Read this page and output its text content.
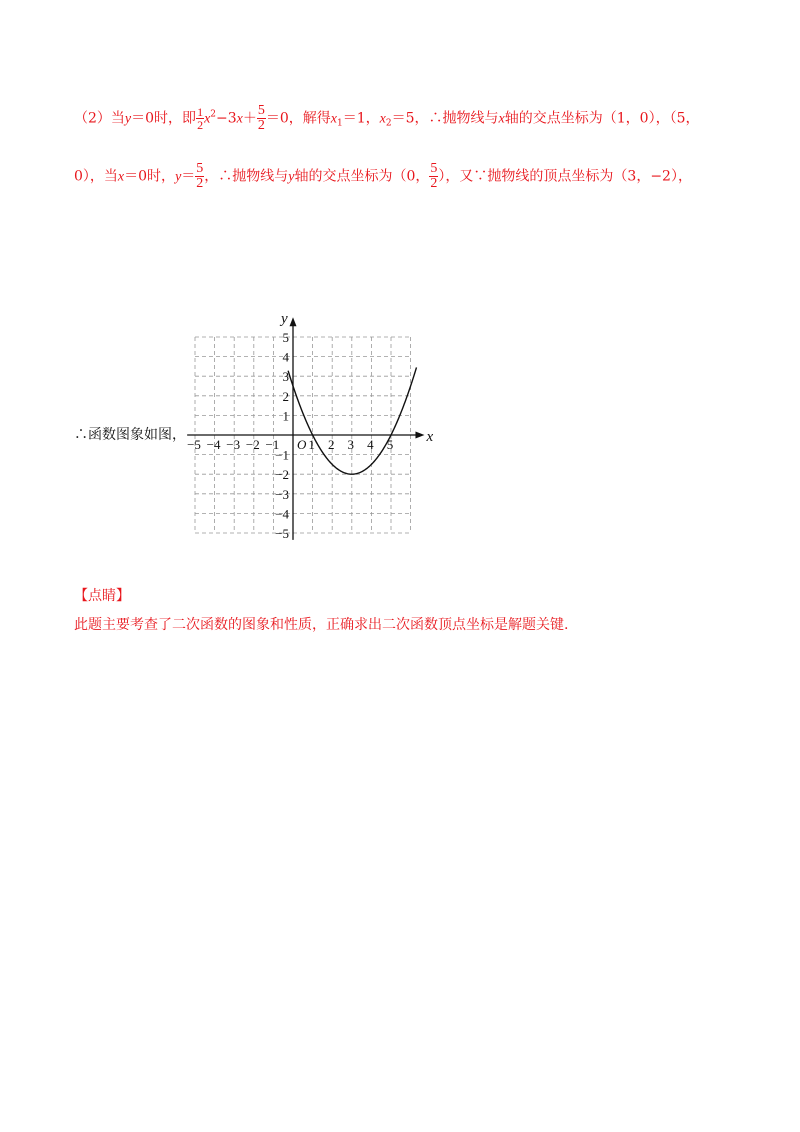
（2）当y＝0时，即 $\frac{1}{2} x^2-3x+ \frac{5}{2} =0$，解得$x_1=1$，$x_2=5$，∴抛物线与x轴的交点坐标为（1，0），（5，
0），当x＝0时，$y= \frac{5}{2}$ ，∴抛物线与y轴的交点坐标为（0， $\frac{5}{2}$ ），又∵抛物线的顶点坐标为（3，−2），
∴函数图象如图，
−5 −4 −3 −2 −1 1 2 3 4 5
5
4
3
2
1
−1
−2
−3
−4
−5
O	x
y
【点睛】
此题主要考查了二次函数的图象和性质，正确求出二次函数顶点坐标是解题关键.
